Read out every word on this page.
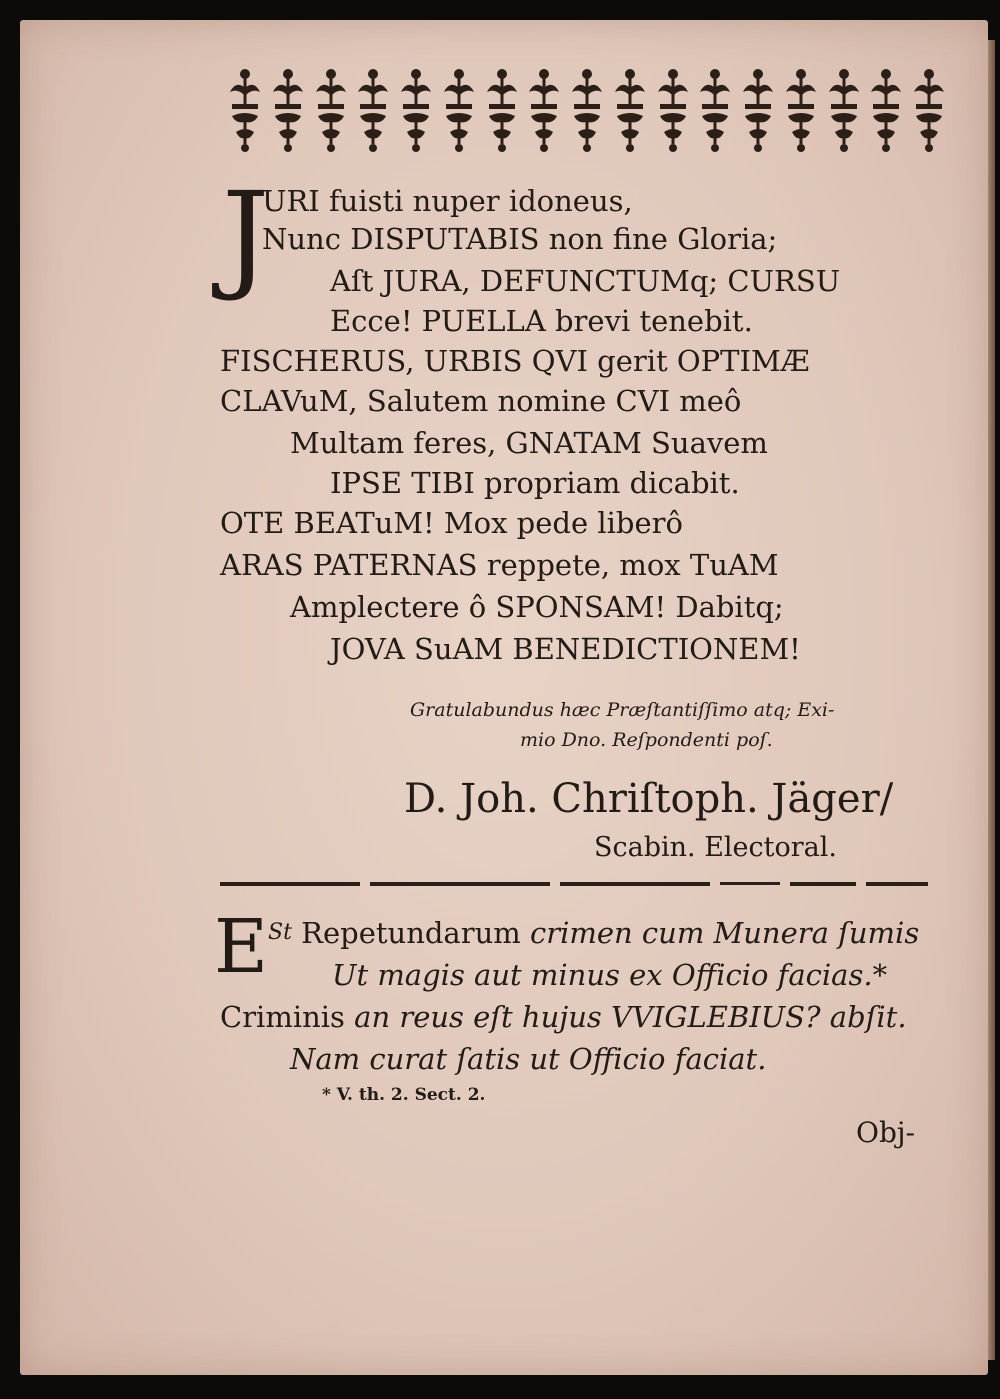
J
URI fuisti nuper idoneus,
Nunc DISPUTABIS non fine Gloria;
Aſt JURA, DEFUNCTUMq; CURSU
Ecce! PUELLA brevi tenebit.
FISCHERUS, URBIS QVI gerit OPTIMÆ
CLAVuM, Salutem nomine CVI meô
Multam feres, GNATAM Suavem
IPSE TIBI propriam dicabit.
OTE BEATuM! Mox pede liberô
ARAS PATERNAS reppete, mox TuAM
Amplectere ô SPONSAM! Dabitq;
JOVA SuAM BENEDICTIONEM!
Gratulabundus hæc Præſtantiſſimo atq; Exi-
mio Dno. Reſpondenti poſ.
D. Joh. Chriſtoph. Jäger/
Scabin. Electoral.
E $^{St}$ Repetundarum crimen cum Munera ſumis
Ut magis aut minus ex Officio facias.*
Criminis an reus eſt hujus VVIGLEBIUS? abſit.
Nam curat ſatis ut Officio faciat.
* V. th. 2. Sect. 2.
Obj-
